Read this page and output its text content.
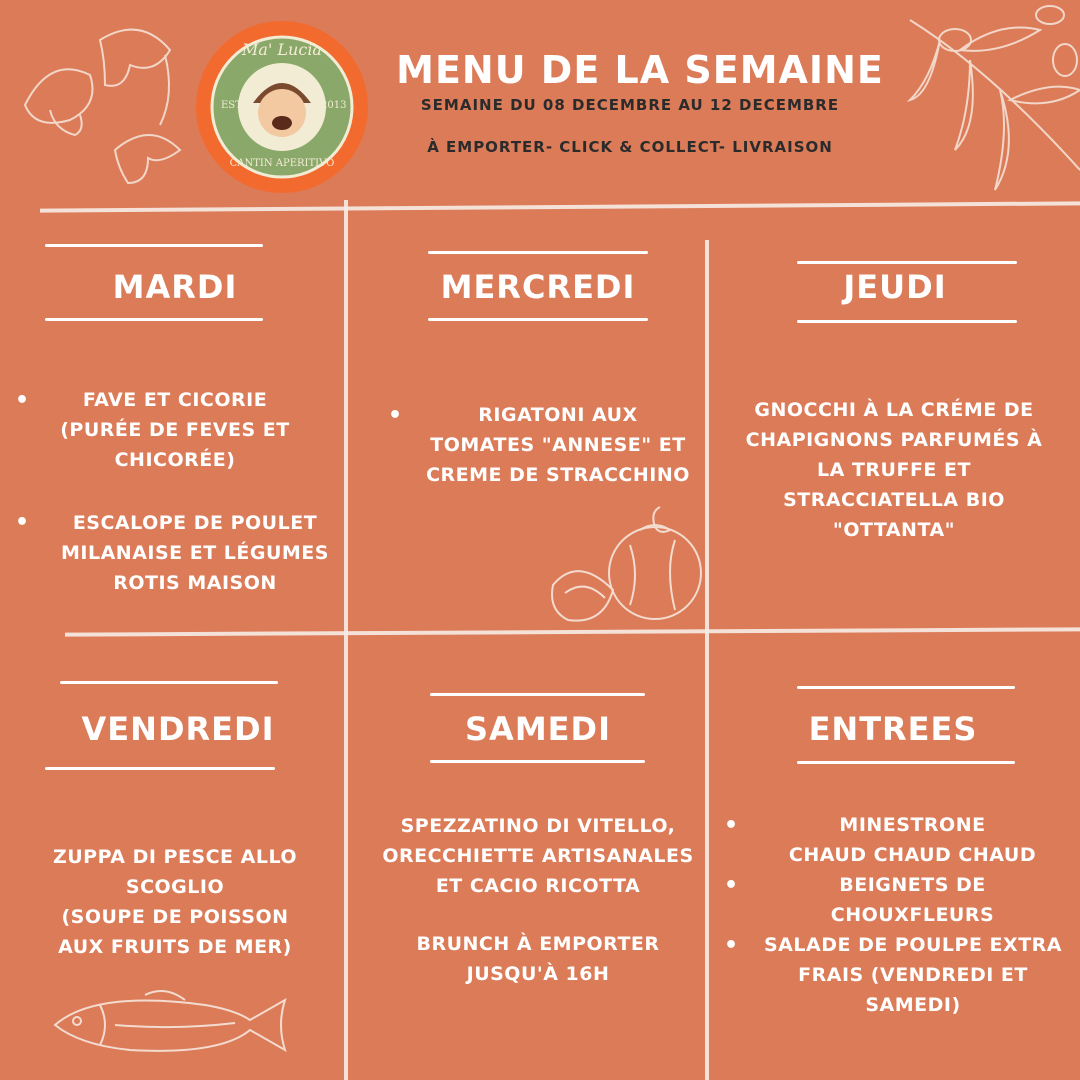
Ma' Lucia
EST.	2013
CANTIN APERITIVO
MENU DE LA SEMAINE
SEMAINE DU 08 DECEMBRE AU 12 DECEMBRE
À EMPORTER- CLICK & COLLECT- LIVRAISON
MARDI
•	FAVE ET CICORIE

(PURÉE DE FEVES ET

CHICORÉE)

•	ESCALOPE DE POULET

MILANAISE ET LÉGUMES

ROTIS MAISON

MERCREDI
•	RIGATONI AUX

TOMATES "ANNESE" ET

CREME DE STRACCHINO

JEUDI

GNOCCHI À LA CRÉME DE

CHAPIGNONS PARFUMÉS À

LA TRUFFE ET

STRACCIATELLA BIO

"OTTANTA"

VENDREDI

ZUPPA DI PESCE ALLO

SCOGLIO

(SOUPE DE POISSON

AUX FRUITS DE MER)

SAMEDI

SPEZZATINO DI VITELLO,

ORECCHIETTE ARTISANALES

ET CACIO RICOTTA

BRUNCH À EMPORTER

JUSQU'À 16H

ENTREES
•	MINESTRONE

CHAUD CHAUD CHAUD

•	BEIGNETS DE

CHOUXFLEURS

•	SALADE DE POULPE EXTRA

FRAIS (VENDREDI ET

SAMEDI)
